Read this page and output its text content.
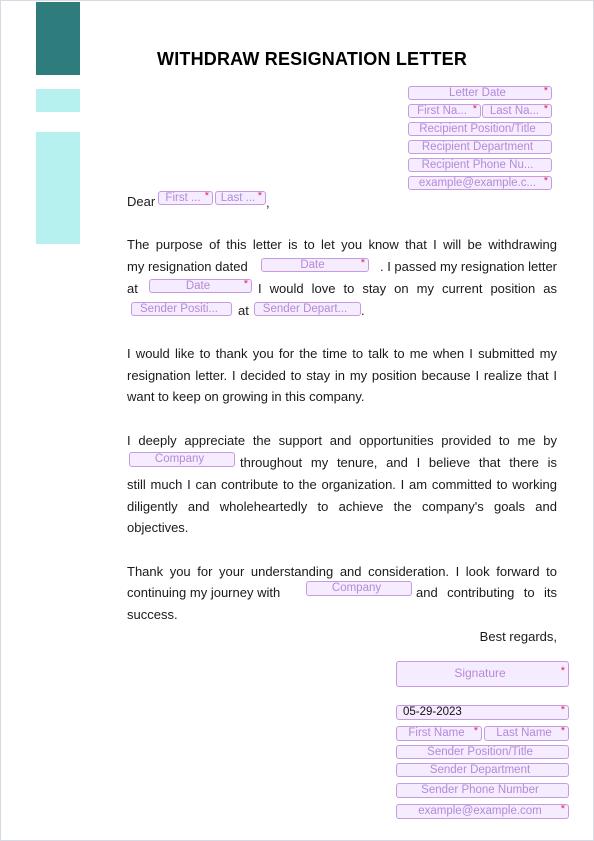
WITHDRAW RESIGNATION LETTER
Letter Date *
First Na... *	Last Na... *
Recipient Position/Title
Recipient Department
Recipient Phone Nu...
example@example.c... *
Dear First ... *	Last ... * ,
The purpose of this letter is to let you know that I will be withdrawing
my resignation dated	Date *	. I passed my resignation letter
at	Date *	I would love to stay on my current position as
Sender Positi...	at	Sender Depart...	.
I would like to thank you for the time to talk to me when I submitted my resignation letter. I decided to stay in my position because I realize that I want to keep on growing in this company.
I deeply appreciate the support and opportunities provided to me by
Company	throughout my tenure, and I believe that there is
still much I can contribute to the organization. I am committed to working diligently and wholeheartedly to achieve the company's goals and objectives.
Thank you for your understanding and consideration. I look forward to
continuing my journey with	Company	and contributing to its
success.
Best regards,
Signature *
05-29-2023 *
First Name *	Last Name *
Sender Position/Title
Sender Department
Sender Phone Number
example@example.com *
